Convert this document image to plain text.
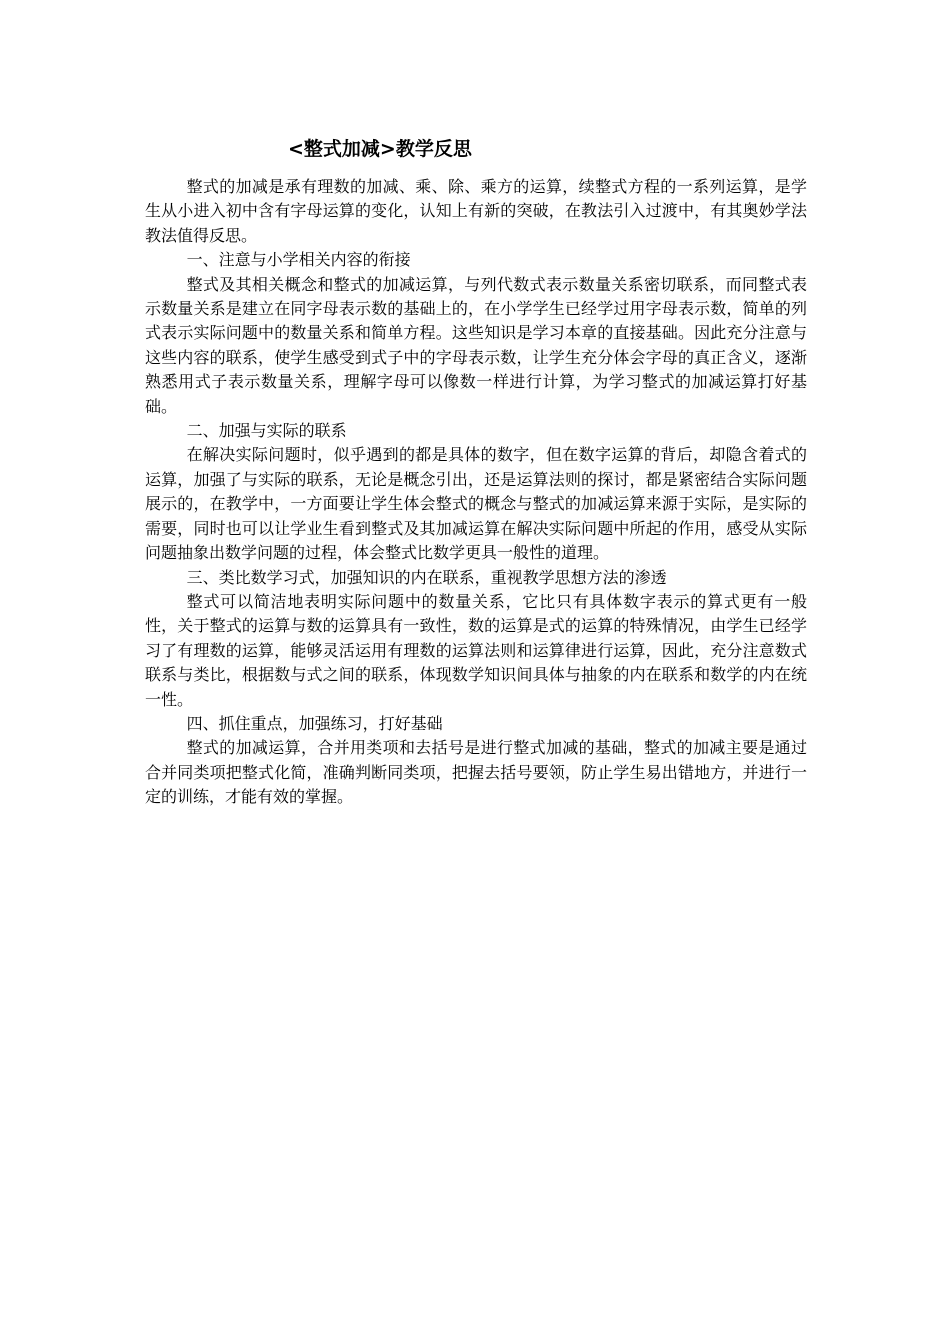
<整式加减>教学反思

整式的加减是承有理数的加减、乘、除、乘方的运算，续整式方程的一系列运算，是学生从小进入初中含有字母运算的变化，认知上有新的突破，在教法引入过渡中，有其奥妙学法教法值得反思。

一、注意与小学相关内容的衔接

整式及其相关概念和整式的加减运算，与列代数式表示数量关系密切联系，而同整式表示数量关系是建立在同字母表示数的基础上的，在小学学生已经学过用字母表示数，简单的列式表示实际问题中的数量关系和简单方程。这些知识是学习本章的直接基础。因此充分注意与这些内容的联系，使学生感受到式子中的字母表示数，让学生充分体会字母的真正含义，逐渐熟悉用式子表示数量关系，理解字母可以像数一样进行计算，为学习整式的加减运算打好基础。

二、加强与实际的联系

在解决实际问题时，似乎遇到的都是具体的数字，但在数字运算的背后，却隐含着式的运算，加强了与实际的联系，无论是概念引出，还是运算法则的探讨，都是紧密结合实际问题展示的，在教学中，一方面要让学生体会整式的概念与整式的加减运算来源于实际，是实际的需要，同时也可以让学业生看到整式及其加减运算在解决实际问题中所起的作用，感受从实际问题抽象出数学问题的过程，体会整式比数学更具一般性的道理。

三、类比数学习式，加强知识的内在联系，重视教学思想方法的渗透

整式可以简洁地表明实际问题中的数量关系，它比只有具体数字表示的算式更有一般性，关于整式的运算与数的运算具有一致性，数的运算是式的运算的特殊情况，由学生已经学习了有理数的运算，能够灵活运用有理数的运算法则和运算律进行运算，因此，充分注意数式联系与类比，根据数与式之间的联系，体现数学知识间具体与抽象的内在联系和数学的内在统一性。

四、抓住重点，加强练习，打好基础

整式的加减运算，合并用类项和去括号是进行整式加减的基础，整式的加减主要是通过合并同类项把整式化简，准确判断同类项，把握去括号要领，防止学生易出错地方，并进行一定的训练，才能有效的掌握。
